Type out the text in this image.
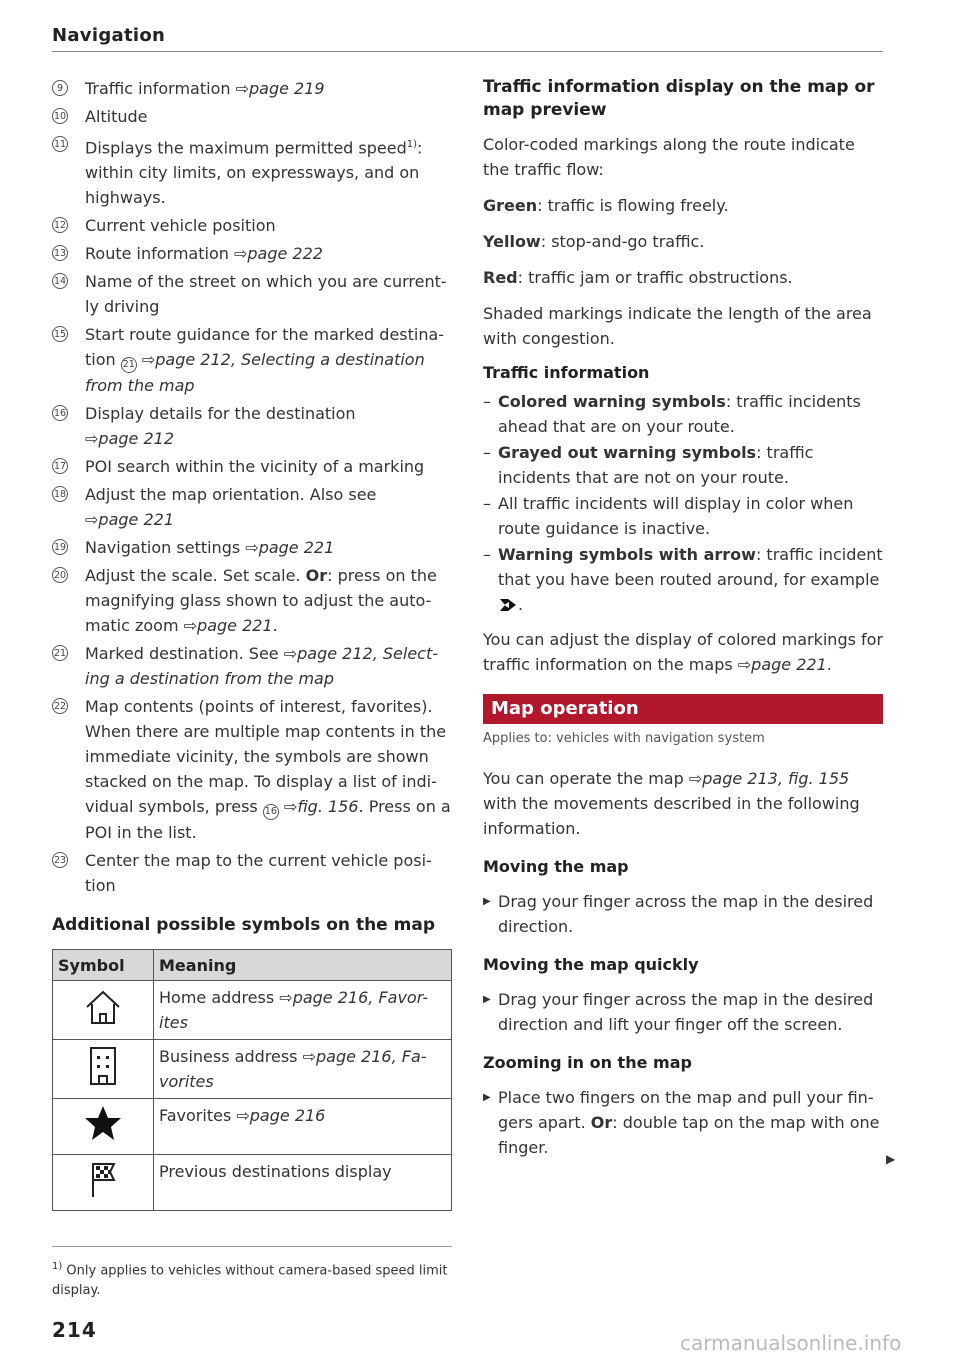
Navigation
9	Traffic information ⇨page 219
10 Altitude
11 Displays the maximum permitted speed$^{1)}$: within city limits, on expressways, and on highways.
12 Current vehicle position
13 Route information ⇨page 222
14 Name of the street on which you are current-ly driving
15 Start route guidance for the marked destina-tion 21 ⇨page 212, Selecting a destination from the map
16 Display details for the destination
⇨page 212
17 POI search within the vicinity of a marking
18 Adjust the map orientation. Also see
⇨page 221
19 Navigation settings ⇨page 221
20 Adjust the scale. Set scale. Or: press on the magnifying glass shown to adjust the auto-matic zoom ⇨page 221.
21 Marked destination. See ⇨page 212, Select-ing a destination from the map
22 Map contents (points of interest, favorites). When there are multiple map contents in the immediate vicinity, the symbols are shown stacked on the map. To display a list of indi-vidual symbols, press 16 ⇨fig. 156. Press on a POI in the list.
23 Center the map to the current vehicle posi-tion
Additional possible symbols on the map
Symbol	Meaning
	Home address ⇨page 216, Favor-ites
	Business address ⇨page 216, Fa-vorites
	Favorites ⇨page 216
	Previous destinations display
$^{1)}$ Only applies to vehicles without camera-based speed limit display.
214
Traffic information display on the map or map preview

Color-coded markings along the route indicate the traffic flow:

Green: traffic is flowing freely.

Yellow: stop-and-go traffic.

Red: traffic jam or traffic obstructions.

Shaded markings indicate the length of the area with congestion.

Traffic information
– Colored warning symbols: traffic incidents ahead that are on your route.
– Grayed out warning symbols: traffic incidents that are not on your route.
– All traffic incidents will display in color when route guidance is inactive.
– Warning symbols with arrow: traffic incident that you have been routed around, for example
.

You can adjust the display of colored markings for traffic information on the maps ⇨page 221.

Map operation
Applies to: vehicles with navigation system

You can operate the map ⇨page 213, fig. 155 with the movements described in the following information.

Moving the map
▶ Drag your finger across the map in the desired direction.
Moving the map quickly
▶ Drag your finger across the map in the desired direction and lift your finger off the screen.
Zooming in on the map
▶ Place two fingers on the map and pull your fin-gers apart. Or: double tap on the map with one finger.
▶
carmanualsonline.info
